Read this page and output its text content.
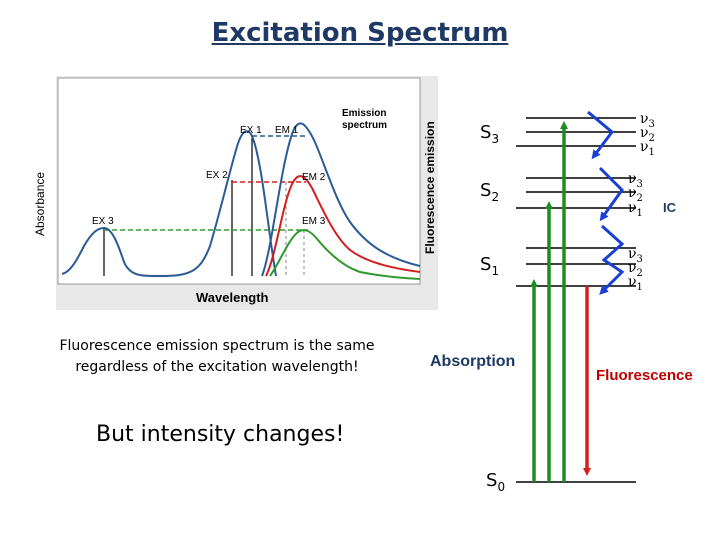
Excitation Spectrum
EX 1 EM 1
EX 2	EM 2
EX 3	EM 3
Emission
spectrum
Wavelength
Fluorescence emission
Absorbance
$S_3$
$S_2$
$S_1$
$S_0$
$\nu_3$
$\nu_2$
$\nu_1$
$\nu_3$
$\nu_2$
$\nu_1$
$\nu_3$
$\nu_2$
$\nu_1$
Fluorescence emission spectrum is the same regardless of the excitation wavelength!
But intensity changes!
Absorption
Fluorescence
IC
